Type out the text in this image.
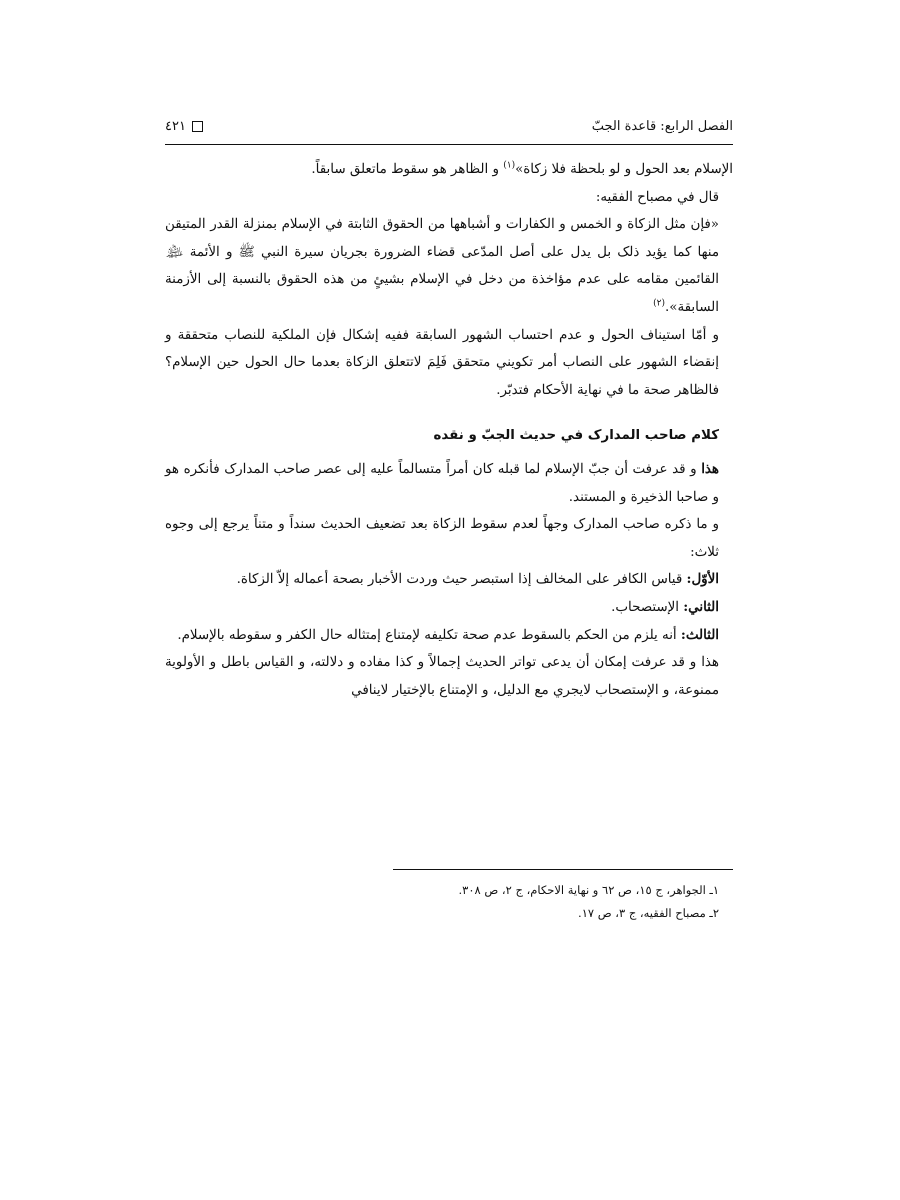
الفصل الرابع: قاعدة الجبّ
٤٢١

الإسلام بعد الحول و لو بلحظة فلا زكاة»$^{(١)}$ و الظاهر هو سقوط ماتعلق سابقاً.

قال في مصباح الفقيه:

«فإن مثل الزكاة و الخمس و الكفارات و أشباهها من الحقوق الثابتة في الإسلام بمنزلة القدر المتيقن منها كما يؤيد ذلک بل يدل على أصل المدّعى قضاء الضرورة بجريان سيرة النبي ﷺ و الأئمة ﵈ القائمين مقامه على عدم مؤاخذة من دخل في الإسلام بشيئٍ من هذه الحقوق بالنسبة إلى الأزمنة السابقة».$^{(٢)}$

و أمّا استيناف الحول و عدم احتساب الشهور السابقة ففيه إشكال فإن الملكية للنصاب متحققة و إنقضاء الشهور على النصاب أمر تكويني متحقق فَلِمَ لاتتعلق الزكاة بعدما حال الحول حين الإسلام؟ فالظاهر صحة ما في نهاية الأحكام فتدبّر.

كلام صاحب المدارک في حديث الجبّ و نقده

هذا و قد عرفت أن جبّ الإسلام لما قبله كان أمراً متسالماً عليه إلى عصر صاحب المدارک فأنكره هو و صاحبا الذخيرة و المستند.

و ما ذكره صاحب المدارک وجهاً لعدم سقوط الزكاة بعد تضعيف الحديث سنداً و متناً يرجع إلى وجوه ثلاث:

الأوّل: قياس الكافر على المخالف إذا استبصر حيث وردت الأخبار بصحة أعماله إلاّ الزكاة.

الثاني: الإستصحاب.

الثالث: أنه يلزم من الحكم بالسقوط عدم صحة تكليفه لإمتناع إمتثاله حال الكفر و سقوطه بالإسلام.

هذا و قد عرفت إمكان أن يدعى تواتر الحديث إجمالاً و كذا مفاده و دلالته، و القياس باطل و الأولوية ممنوعة، و الإستصحاب لايجري مع الدليل، و الإمتناع بالإختيار لاينافي

١ـ الجواهر، ج ١٥، ص ٦٢ و نهاية الاحكام، ج ٢، ص ٣٠٨.

٢ـ مصباح الفقيه، ج ٣، ص ١٧.
